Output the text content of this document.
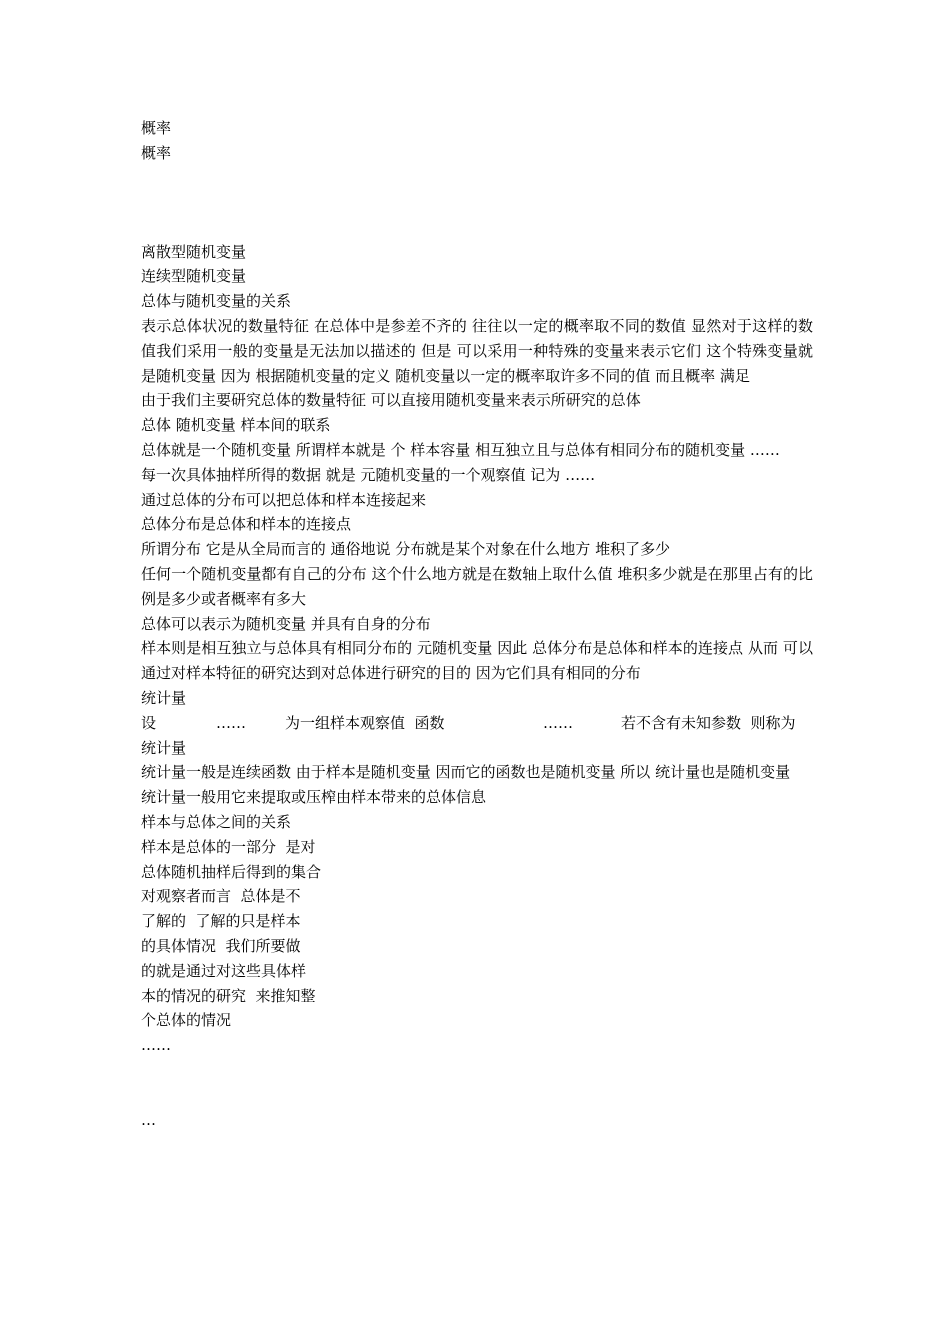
概率
概率
离散型随机变量
连续型随机变量
总体与随机变量的关系
表示总体状况的数量特征 在总体中是参差不齐的 往往以一定的概率取不同的数值 显然对于这样的数值我们采用一般的变量是无法加以描述的 但是 可以采用一种特殊的变量来表示它们 这个特殊变量就是随机变量 因为 根据随机变量的定义 随机变量以一定的概率取许多不同的值 而且概率 满足
由于我们主要研究总体的数量特征 可以直接用随机变量来表示所研究的总体
总体 随机变量 样本间的联系
总体就是一个随机变量 所谓样本就是 个 样本容量 相互独立且与总体有相同分布的随机变量 ……
每一次具体抽样所得的数据 就是 元随机变量的一个观察值 记为 ……
通过总体的分布可以把总体和样本连接起来
总体分布是总体和样本的连接点
所谓分布 它是从全局而言的 通俗地说 分布就是某个对象在什么地方 堆积了多少
任何一个随机变量都有自己的分布 这个什么地方就是在数轴上取什么值 堆积多少就是在那里占有的比例是多少或者概率有多大
总体可以表示为随机变量 并具有自身的分布
样本则是相互独立与总体具有相同分布的 元随机变量 因此 总体分布是总体和样本的连接点 从而 可以通过对样本特征的研究达到对总体进行研究的目的 因为它们具有相同的分布
统计量
设	……	为一组样本观察值  函数	……	若不含有未知参数  则称为
统计量
统计量一般是连续函数 由于样本是随机变量 因而它的函数也是随机变量 所以 统计量也是随机变量
统计量一般用它来提取或压榨由样本带来的总体信息
样本与总体之间的关系
样本是总体的一部分  是对
总体随机抽样后得到的集合
对观察者而言  总体是不
了解的  了解的只是样本
的具体情况  我们所要做
的就是通过对这些具体样
本的情况的研究  来推知整
个总体的情况
……
…
